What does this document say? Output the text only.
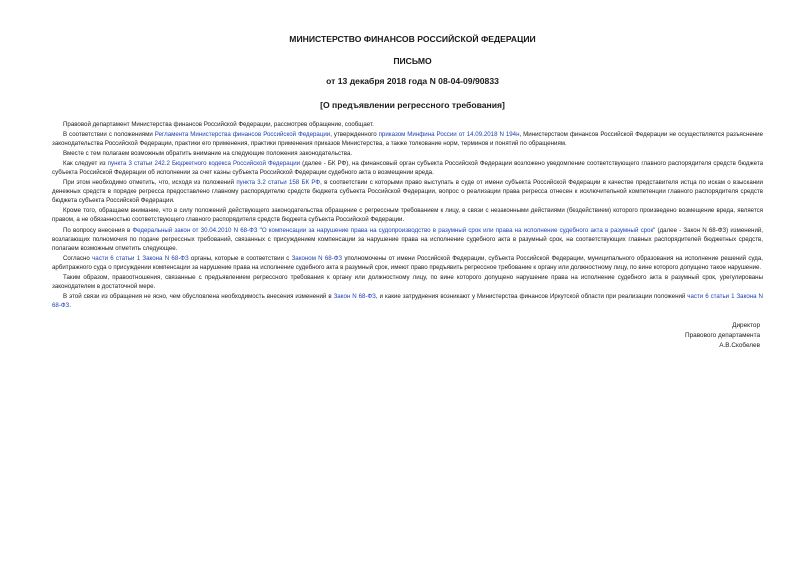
МИНИСТЕРСТВО ФИНАНСОВ РОССИЙСКОЙ ФЕДЕРАЦИИ
ПИСЬМО
от 13 декабря 2018 года N 08-04-09/90833
[О предъявлении регрессного требования]

Правовой департамент Министерства финансов Российской Федерации, рассмотрев обращение, сообщает.

В соответствии с положениями Регламента Министерства финансов Российской Федерации, утвержденного приказом Минфина России от 14.09.2018 N 194н, Министерством финансов Российской Федерации не осуществляется разъяснение законодательства Российской Федерации, практики его применения, практики применения приказов Министерства, а также толкование норм, терминов и понятий по обращениям.

Вместе с тем полагаем возможным обратить внимание на следующие положения законодательства.

Как следует из пункта 3 статьи 242.2 Бюджетного кодекса Российской Федерации (далее - БК РФ), на финансовый орган субъекта Российской Федерации возложено уведомление соответствующего главного распорядителя средств бюджета субъекта Российской Федерации об исполнении за счет казны субъекта Российской Федерации судебного акта о возмещении вреда.

При этом необходимо отметить, что, исходя из положений пункта 3.2 статьи 158 БК РФ, в соответствии с которыми право выступать в суде от имени субъекта Российской Федерации в качестве представителя истца по искам о взыскании денежных средств в порядке регресса предоставлено главному распорядителю средств бюджета субъекта Российской Федерации, вопрос о реализации права регресса отнесен к исключительной компетенции главного распорядителя средств бюджета субъекта Российской Федерации.

Кроме того, обращаем внимание, что в силу положений действующего законодательства обращение с регрессным требованием к лицу, в связи с незаконными действиями (бездействием) которого произведено возмещение вреда, является правом, а не обязанностью соответствующего главного распорядителя средств бюджета субъекта Российской Федерации.

По вопросу внесения в Федеральный закон от 30.04.2010 N 68-ФЗ "О компенсации за нарушение права на судопроизводство в разумный срок или права на исполнение судебного акта в разумный срок" (далее - Закон N 68-ФЗ) изменений, возлагающих полномочия по подаче регрессных требований, связанных с присуждением компенсации за нарушение права на исполнение судебного акта в разумный срок, на соответствующих главных распорядителей бюджетных средств, полагаем возможным отметить следующее.

Согласно части 6 статьи 1 Закона N 68-ФЗ органы, которые в соответствии с Законом N 68-ФЗ уполномочены от имени Российской Федерации, субъекта Российской Федерации, муниципального образования на исполнение решений суда, арбитражного суда о присуждении компенсации за нарушение права на исполнение судебного акта в разумный срок, имеют право предъявить регрессное требование к органу или должностному лицу, по вине которого допущено такое нарушение.

Таким образом, правоотношения, связанные с предъявлением регрессного требования к органу или должностному лицу, по вине которого допущено нарушение права на исполнение судебного акта в разумный срок, урегулированы законодателем в достаточной мере.

В этой связи из обращения не ясно, чем обусловлена необходимость внесения изменений в Закон N 68-ФЗ, и какие затруднения возникают у Министерства финансов Иркутской области при реализации положений части 6 статьи 1 Закона N 68-ФЗ.

Директор
Правового департамента
А.В.Скобелев
